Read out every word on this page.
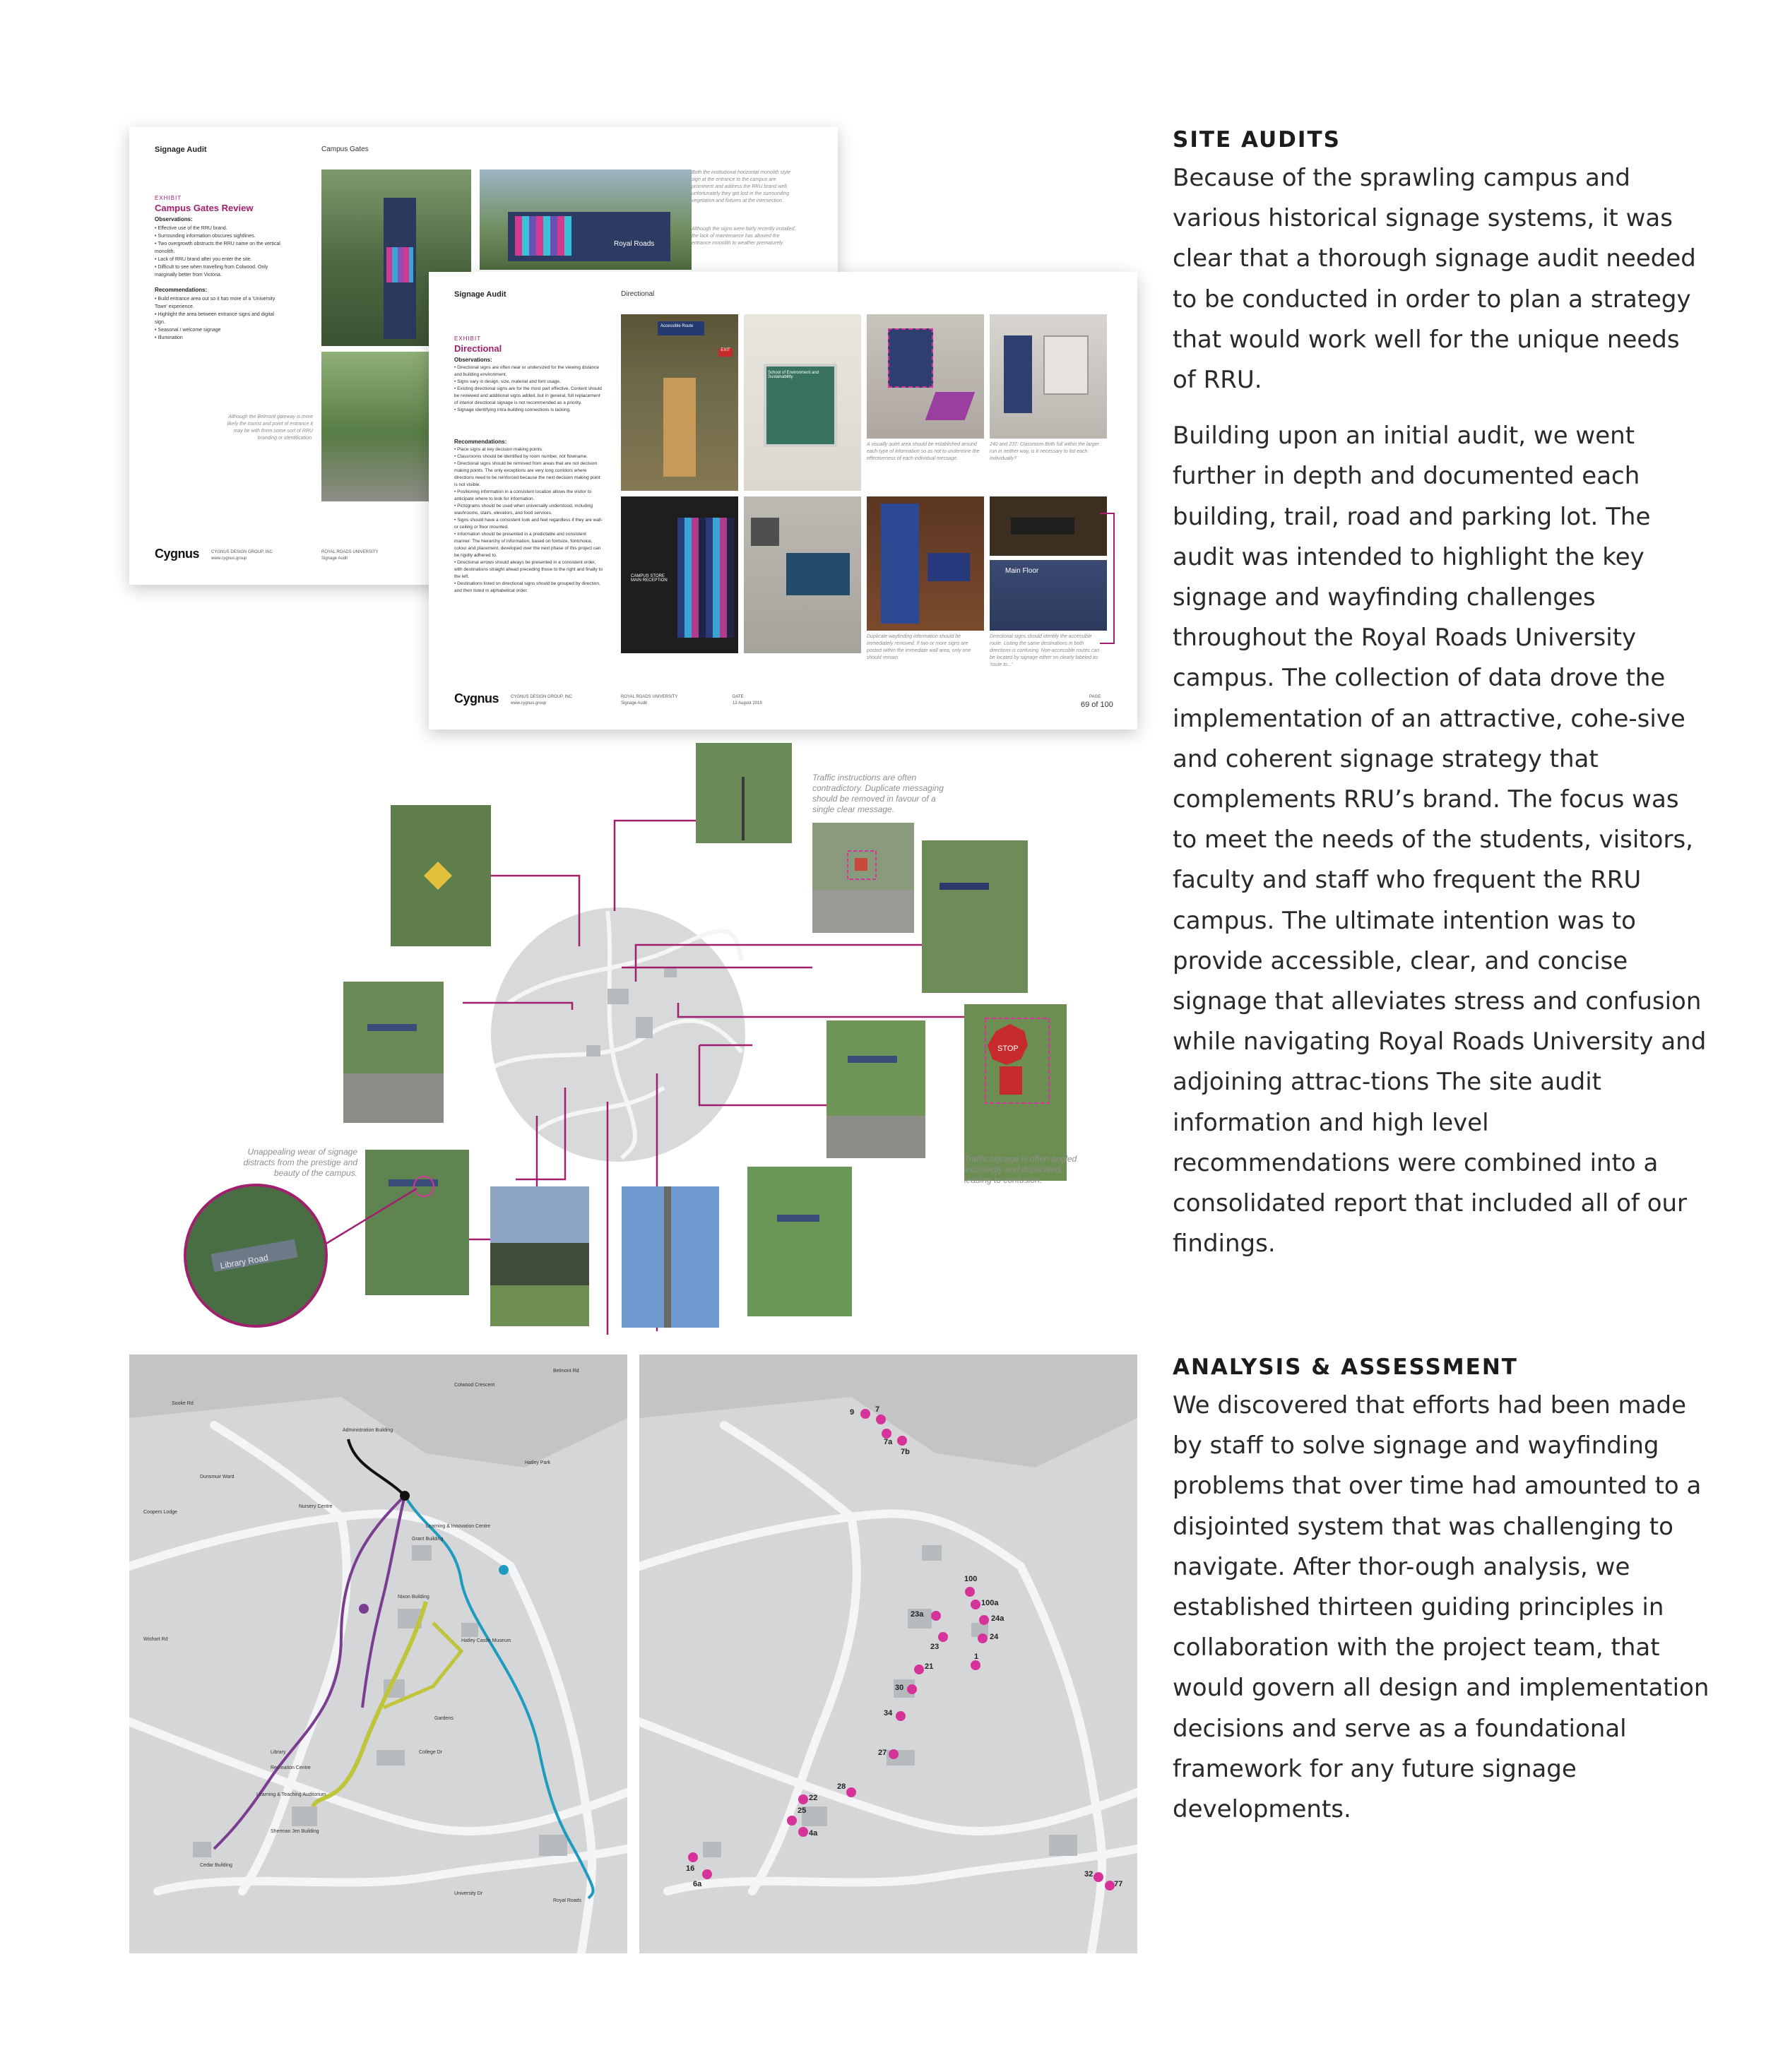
SITE AUDITS

Because of the sprawling campus and various historical signage systems, it was clear that a thorough signage audit needed to be conducted in order to plan a strategy that would work well for the unique needs of RRU.

Building upon an initial audit, we went further in depth and documented each building, trail, road and parking lot. The audit was intended to highlight the key signage and wayfinding challenges throughout the Royal Roads University campus. The collection of data drove the implementation of an attractive, cohe-sive and coherent signage strategy that complements RRU’s brand. The focus was to meet the needs of the students, visitors, faculty and staff who frequent the RRU campus. The ultimate intention was to provide accessible, clear, and concise signage that alleviates stress and confusion while navigating Royal Roads University and adjoining attrac-tions The site audit information and high level recommendations were combined into a consolidated report that included all of our findings.

ANALYSIS & ASSESSMENT

We discovered that efforts had been made by staff to solve signage and wayfinding problems that over time had amounted to a disjointed system that was challenging to navigate. After thor-ough analysis, we established thirteen guiding principles in collaboration with the project team, that would govern all design and implementation decisions and serve as a foundational framework for any future signage developments.

Signage Audit	Campus Gates
EXHIBIT
Campus Gates Review
Observations:
• Effective use of the RRU brand.
• Surrounding information obscures sightlines.
• Two overgrowth obstructs the RRU name on the vertical monolith.
• Lack of RRU brand after you enter the site.
• Difficult to see when travelling from Colwood. Only marginally better from Victoria.
Recommendations:
• Build entrance area out so it has more of a 'University Town' experience.
• Highlight the area between entrance signs and digital sign.
• Seasonal / welcome signage
• Illumination
Royal Roads
Both the institutional horizontal monolith style sign at the entrance to the campus are prominent and address the RRU brand well; unfortunately they get lost in the surrounding vegetation and fixtures at the intersection.
Although the signs were fairly recently installed, the lack of maintenance has allowed the entrance monolith to weather prematurely.
Although the Belmont gateway is more likely the tourist and point of entrance it may be with them some sort of RRU branding or identification.
Cygnus	CYGNUS DESIGN GROUP, INC
www.cygnus.group
ROYAL ROADS UNIVERSITY
Signage Audit
Signage Audit	Directional
EXHIBIT
Directional
Observations:
• Directional signs are often near or undersized for the viewing distance and building environment.
• Signs vary in design, size, material and font usage.
• Existing directional signs are for the most part effective. Content should be reviewed and additional signs added, but in general, full replacement of interior directional signage is not recommended as a priority.
• Signage identifying intra-building connections is lacking.
Recommendations:
• Place signs at key decision making points.
• Classrooms should be identified by room number, not flowname.
• Directional signs should be removed from areas that are not decision making points. The only exceptions are very long corridors where directions need to be reinforced because the next decision making point is not visible.
• Positioning information in a consistent location allows the visitor to anticipate where to look for information.
• Pictograms should be used when universally understood, including washrooms, stairs, elevators, and food services.
• Signs should have a consistent look and feel regardless if they are wall- or ceiling or floor mounted.
• Information should be presented in a predictable and consistent manner. The hierarchy of information, based on fontsize, fontchoice, colour and placement, developed over the next phase of this project can be rigidly adhered to.
• Directional arrows should always be presented in a consistent order, with destinations straight ahead preceding those to the right and finally to the left.
• Destinations listed on directional signs should be grouped by direction, and then listed in alphabetical order.
Accessible Route
EXIT
School of Environment and Sustainability
A visually quiet area should be established around each type of information so as not to undermine the effectiveness of each individual message.
240 and 237: Classroom Both full within the larger run in neither way, is it necessary to list each individually?
CAMPUS STORE
MAIN RECEPTION
Main Floor
Duplicate wayfinding information should be immediately removed. If two or more signs are posted within the immediate wall area, only one should remain.
Directional signs should identify the accessible route. Listing the same destinations in both directions is confusing. Non-accessible routes can be located by signage either on clearly labeled as 'route to...'
Cygnus	CYGNUS DESIGN GROUP, INC
www.cygnus.group
ROYAL ROADS UNIVERSITY
Signage Audit
DATE
13 August 2019
PAGE
69 of 100
STOP
Library Road
Traffic instructions are often contradictory. Duplicate messaging should be removed in favour of a single clear message.
Unappealing wear of signage distracts from the prestige and beauty of the campus.
Traffic signage is often angled incorrectly and duplicated, leading to confusion.
Grant Building
Hatley Castle Museum
Learning & Innovation Centre
Library
Sherman Jen Building
Cedar Building
Nixon Building
Gardens
Administration Building
Royal Roads
University Dr
College Dr
Recreation Centre
Learning & Teaching Auditorium
Hatley Park
Sooke Rd
Colwood Crescent
Belmont Rd
Wishart Rd
Dunsmuir Ward
Coopers Lodge
Nursery Centre
9	7
7a
7b
100
100a
23a	24a
23
24
21
30
1
34
27
28
22
25
4a
16
6a
32
77
